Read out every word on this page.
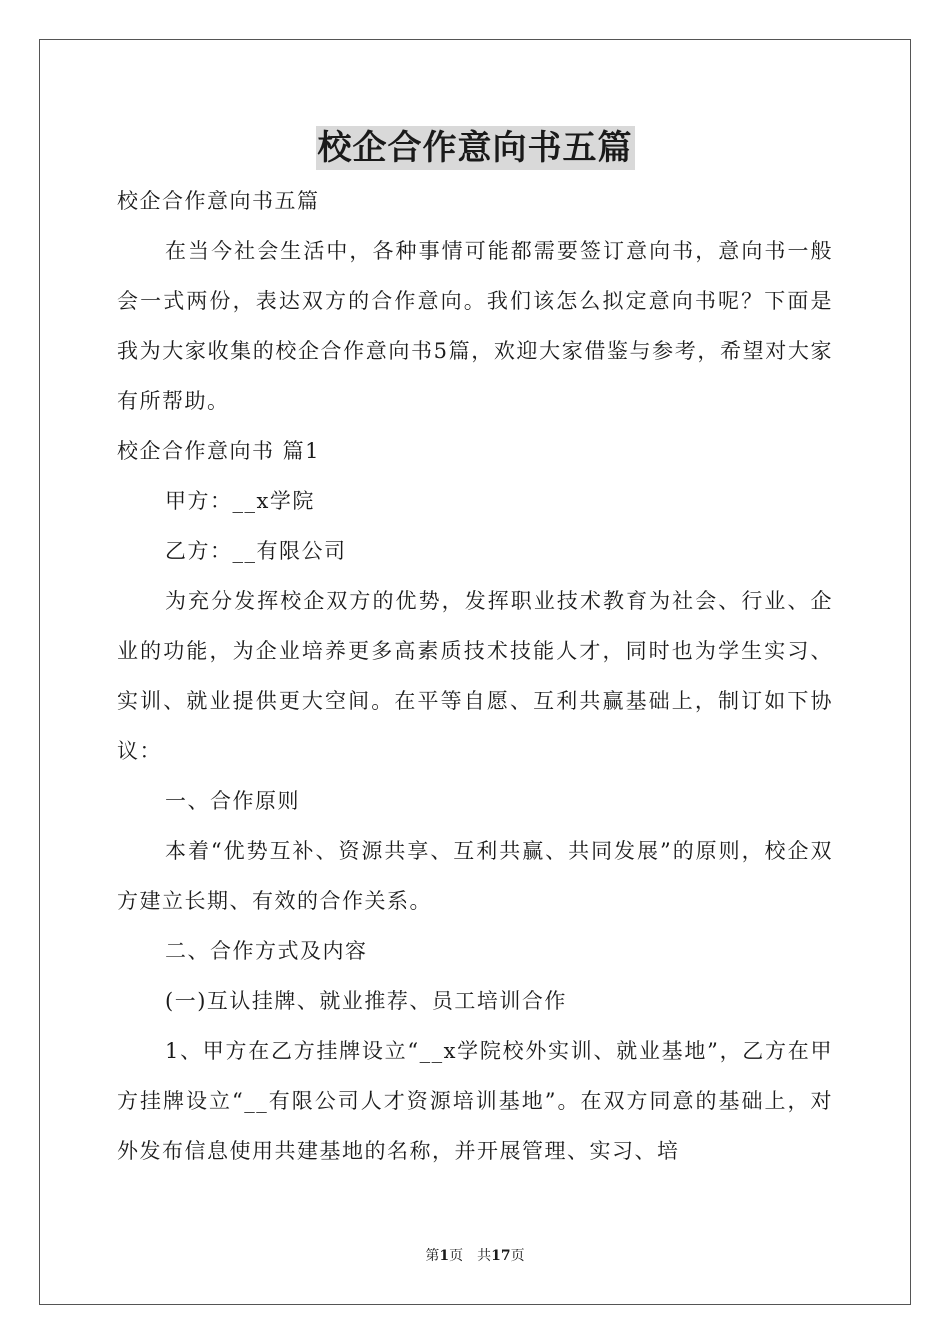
校企合作意向书五篇

校企合作意向书五篇

在当今社会生活中，各种事情可能都需要签订意向书，意向书一般会一式两份，表达双方的合作意向。我们该怎么拟定意向书呢？下面是我为大家收集的校企合作意向书5篇，欢迎大家借鉴与参考，希望对大家有所帮助。

校企合作意向书 篇1

甲方：__x学院

乙方：__有限公司

为充分发挥校企双方的优势，发挥职业技术教育为社会、行业、企业的功能，为企业培养更多高素质技术技能人才，同时也为学生实习、实训、就业提供更大空间。在平等自愿、互利共赢基础上，制订如下协议：

一、合作原则

本着“优势互补、资源共享、互利共赢、共同发展”的原则，校企双方建立长期、有效的合作关系。

二、合作方式及内容

(一)互认挂牌、就业推荐、员工培训合作

1、甲方在乙方挂牌设立“__x学院校外实训、就业基地”，乙方在甲方挂牌设立“__有限公司人才资源培训基地”。在双方同意的基础上，对外发布信息使用共建基地的名称，并开展管理、实习、培

第1页　共17页
